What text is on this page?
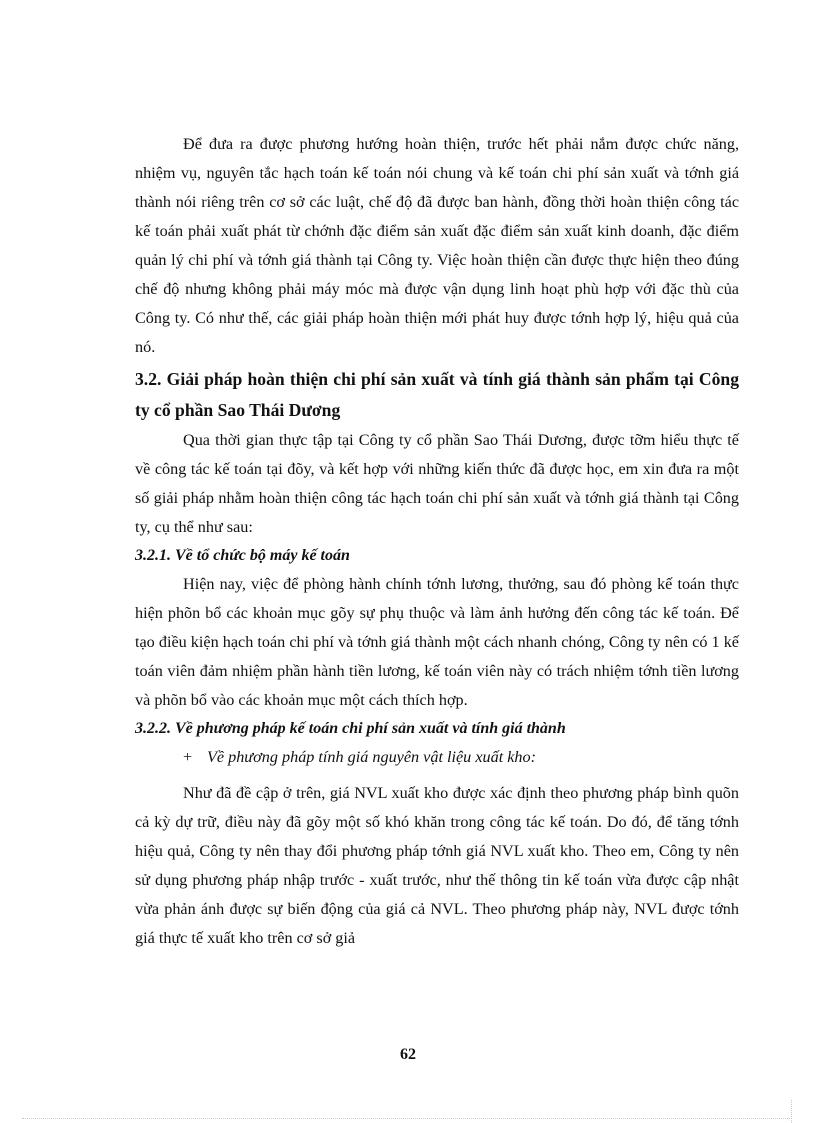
Để đưa ra được phương hướng hoàn thiện, trước hết phải nắm được chức năng, nhiệm vụ, nguyên tắc hạch toán kế toán nói chung và kế toán chi phí sản xuất và tớnh giá thành nói riêng trên cơ sở các luật, chế độ đã được ban hành, đồng thời hoàn thiện công tác kế toán phải xuất phát từ chớnh đặc điểm sản xuất đặc điểm sản xuất kinh doanh, đặc điểm quản lý chi phí và tớnh giá thành tại Công ty. Việc hoàn thiện cần được thực hiện theo đúng chế độ nhưng không phải máy móc mà được vận dụng linh hoạt phù hợp với đặc thù của Công ty. Có như thế, các giải pháp hoàn thiện mới phát huy được tớnh hợp lý, hiệu quả của nó.

3.2. Giải pháp hoàn thiện chi phí sản xuất và tính giá thành sản phẩm tại Công ty cổ phần Sao Thái Dương

Qua thời gian thực tập tại Công ty cổ phần Sao Thái Dương, được tỡm hiểu thực tế về công tác kế toán tại đõy, và kết hợp với những kiến thức đã được học, em xin đưa ra một số giải pháp nhằm hoàn thiện công tác hạch toán chi phí sản xuất và tớnh giá thành tại Công ty, cụ thể như sau:

3.2.1. Về tổ chức bộ máy kế toán

Hiện nay, việc để phòng hành chính tớnh lương, thưởng, sau đó phòng kế toán thực hiện phõn bổ các khoản mục gõy sự phụ thuộc và làm ảnh hưởng đến công tác kế toán. Để tạo điều kiện hạch toán chi phí và tớnh giá thành một cách nhanh chóng, Công ty nên có 1 kế toán viên đảm nhiệm phần hành tiền lương, kế toán viên này có trách nhiệm tớnh tiền lương và phõn bổ vào các khoản mục một cách thích hợp.

3.2.2. Về phương pháp kế toán chi phí sản xuất và tính giá thành

+ Về phương pháp tính giá nguyên vật liệu xuất kho:

Như đã đề cập ở trên, giá NVL xuất kho được xác định theo phương pháp bình quõn cả kỳ dự trữ, điều này đã gõy một số khó khăn trong công tác kế toán. Do đó, để tăng tớnh hiệu quả, Công ty nên thay đổi phương pháp tớnh giá NVL xuất kho. Theo em, Công ty nên sử dụng phương pháp nhập trước - xuất trước, như thế thông tin kế toán vừa được cập nhật vừa phản ánh được sự biến động của giá cả NVL. Theo phương pháp này, NVL được tớnh giá thực tế xuất kho trên cơ sở giả

62
